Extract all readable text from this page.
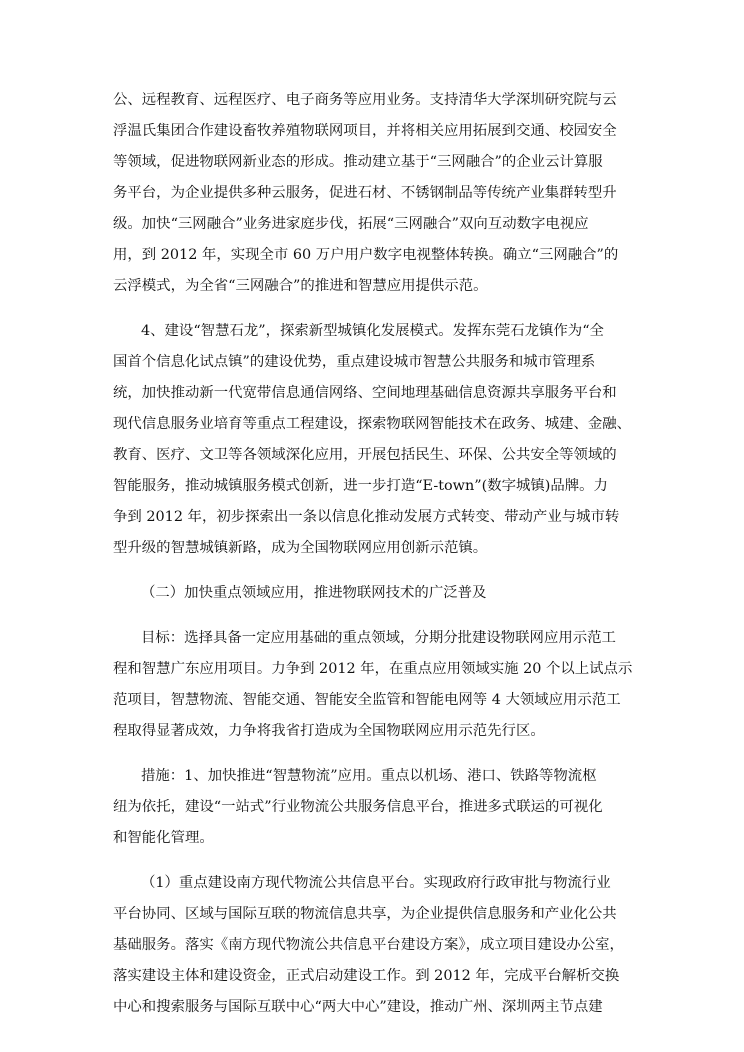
公、远程教育、远程医疗、电子商务等应用业务。支持清华大学深圳研究院与云
浮温氏集团合作建设畜牧养殖物联网项目，并将相关应用拓展到交通、校园安全
等领域，促进物联网新业态的形成。推动建立基于“三网融合”的企业云计算服
务平台，为企业提供多种云服务，促进石材、不锈钢制品等传统产业集群转型升
级。加快“三网融合”业务进家庭步伐，拓展“三网融合”双向互动数字电视应
用，到 2012 年，实现全市 60 万户用户数字电视整体转换。确立“三网融合”的
云浮模式，为全省“三网融合”的推进和智慧应用提供示范。
4、建设“智慧石龙”，探索新型城镇化发展模式。发挥东莞石龙镇作为“全
国首个信息化试点镇”的建设优势，重点建设城市智慧公共服务和城市管理系
统，加快推动新一代宽带信息通信网络、空间地理基础信息资源共享服务平台和
现代信息服务业培育等重点工程建设，探索物联网智能技术在政务、城建、金融、
教育、医疗、文卫等各领域深化应用，开展包括民生、环保、公共安全等领域的
智能服务，推动城镇服务模式创新，进一步打造“E-town”(数字城镇)品牌。力
争到 2012 年，初步探索出一条以信息化推动发展方式转变、带动产业与城市转
型升级的智慧城镇新路，成为全国物联网应用创新示范镇。
（二）加快重点领域应用，推进物联网技术的广泛普及
目标：选择具备一定应用基础的重点领域，分期分批建设物联网应用示范工
程和智慧广东应用项目。力争到 2012 年，在重点应用领域实施 20 个以上试点示
范项目，智慧物流、智能交通、智能安全监管和智能电网等 4 大领域应用示范工
程取得显著成效，力争将我省打造成为全国物联网应用示范先行区。
措施：1、加快推进“智慧物流”应用。重点以机场、港口、铁路等物流枢
纽为依托，建设“一站式”行业物流公共服务信息平台，推进多式联运的可视化
和智能化管理。
（1）重点建设南方现代物流公共信息平台。实现政府行政审批与物流行业
平台协同、区域与国际互联的物流信息共享，为企业提供信息服务和产业化公共
基础服务。落实《南方现代物流公共信息平台建设方案》，成立项目建设办公室，
落实建设主体和建设资金，正式启动建设工作。到 2012 年，完成平台解析交换
中心和搜索服务与国际互联中心“两大中心”建设，推动广州、深圳两主节点建
